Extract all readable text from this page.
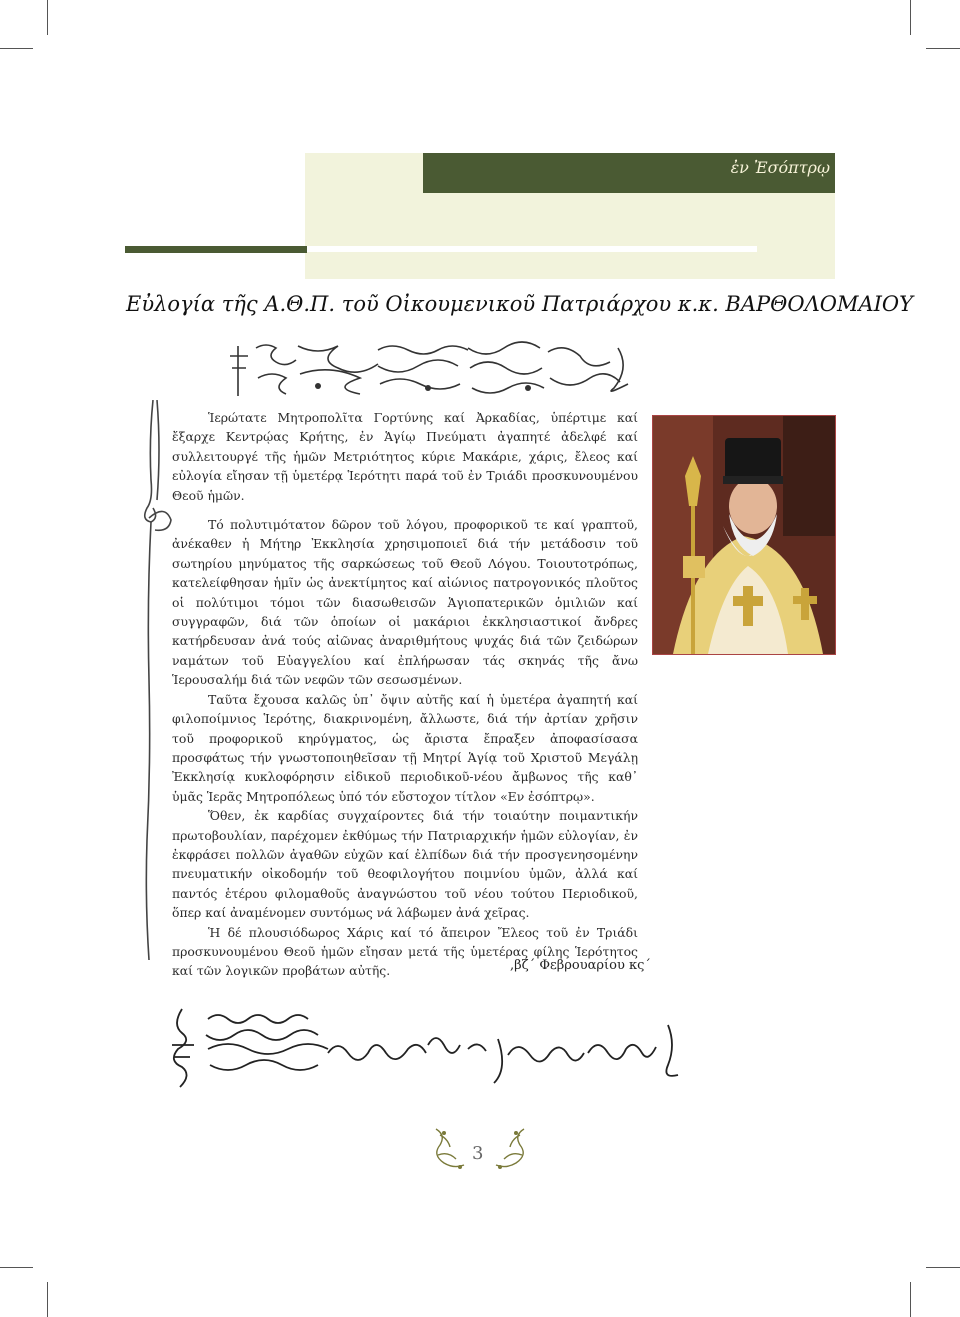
ἐν Ἐσόπτρῳ
Εὐλογία τῆς Α.Θ.Π. τοῦ Οἰκουμενικοῦ Πατριάρχου κ.κ. ΒΑΡΘΟΛΟΜΑΙΟΥ

Ἱερώτατε Μητροπολῖτα Γορτύνης καί Ἀρκαδίας, ὑπέρτιμε καί ἔξαρχε Κεντρῴας Κρήτης, ἐν Ἁγίῳ Πνεύματι ἀγαπητέ ἀδελφέ καί συλλειτουργέ τῆς ἡμῶν Μετριότητος κύριε Μακάριε, χάρις, ἔλεος καί εὐλογία εἴησαν τῇ ὑμετέρᾳ Ἱερότητι παρά τοῦ ἐν Τριάδι προσκυνουμένου Θεοῦ ἡμῶν.

Τό πολυτιμότατον δῶρον τοῦ λόγου, προφορικοῦ τε καί γραπτοῦ, ἀνέκαθεν ἡ Μήτηρ Ἐκκλησία χρησιμοποιεῖ διά τήν μετάδοσιν τοῦ σωτηρίου μηνύματος τῆς σαρκώσεως τοῦ Θεοῦ Λόγου. Τοιουτοτρόπως, κατελείφθησαν ἡμῖν ὡς ἀνεκτίμητος καί αἰώνιος πατρογονικός πλοῦτος οἱ πολύτιμοι τόμοι τῶν διασωθεισῶν Ἁγιοπατερικῶν ὁμιλιῶν καί συγγραφῶν, διά τῶν ὁποίων οἱ μακάριοι ἐκκλησιαστικοί ἄνδρες κατήρδευσαν ἀνά τούς αἰῶνας ἀναριθμήτους ψυχάς διά τῶν ζειδώρων ναμάτων τοῦ Εὐαγγελίου καί ἐπλήρωσαν τάς σκηνάς τῆς ἄνω Ἱερουσαλήμ διά τῶν νεφῶν τῶν σεσωσμένων.

Ταῦτα ἔχουσα καλῶς ὑπ᾽ ὄψιν αὐτῆς καί ἡ ὑμετέρα ἀγαπητή καί φιλοποίμνιος Ἱερότης, διακρινομένη, ἄλλωστε, διά τήν ἀρτίαν χρῆσιν τοῦ προφορικοῦ κηρύγματος, ὡς ἄριστα ἔπραξεν ἀποφασίσασα προσφάτως τήν γνωστοποιηθεῖσαν τῇ Μητρί Ἁγίᾳ τοῦ Χριστοῦ Μεγάλῃ Ἐκκλησίᾳ κυκλοφόρησιν εἰδικοῦ περιοδικοῦ-νέου ἄμβωνος τῆς καθ᾽ ὑμᾶς Ἱερᾶς Μητροπόλεως ὑπό τόν εὔστοχον τίτλον «Εν ἐσόπτρῳ».

Ὅθεν, ἐκ καρδίας συγχαίροντες διά τήν τοιαύτην ποιμαντικήν πρωτοβουλίαν, παρέχομεν ἐκθύμως τήν Πατριαρχικήν ἡμῶν εὐλογίαν, ἐν ἐκφράσει πολλῶν ἀγαθῶν εὐχῶν καί ἐλπίδων διά τήν προσγενησομένην πνευματικήν οἰκοδομήν τοῦ θεοφιλογήτου ποιμνίου ὑμῶν, ἀλλά καί παντός ἑτέρου φιλομαθοῦς ἀναγνώστου τοῦ νέου τούτου Περιοδικοῦ, ὅπερ καί ἀναμένομεν συντόμως νά λάβωμεν ἀνά χεῖρας.

Ἡ δέ πλουσιόδωρος Χάρις καί τό ἄπειρον Ἔλεος τοῦ ἐν Τριάδι προσκυνουμένου Θεοῦ ἡμῶν εἴησαν μετά τῆς ὑμετέρας φίλης Ἱερότητος καί τῶν λογικῶν προβάτων αὐτῆς.	,βζ´ Φεβρουαρίου κς´
3
